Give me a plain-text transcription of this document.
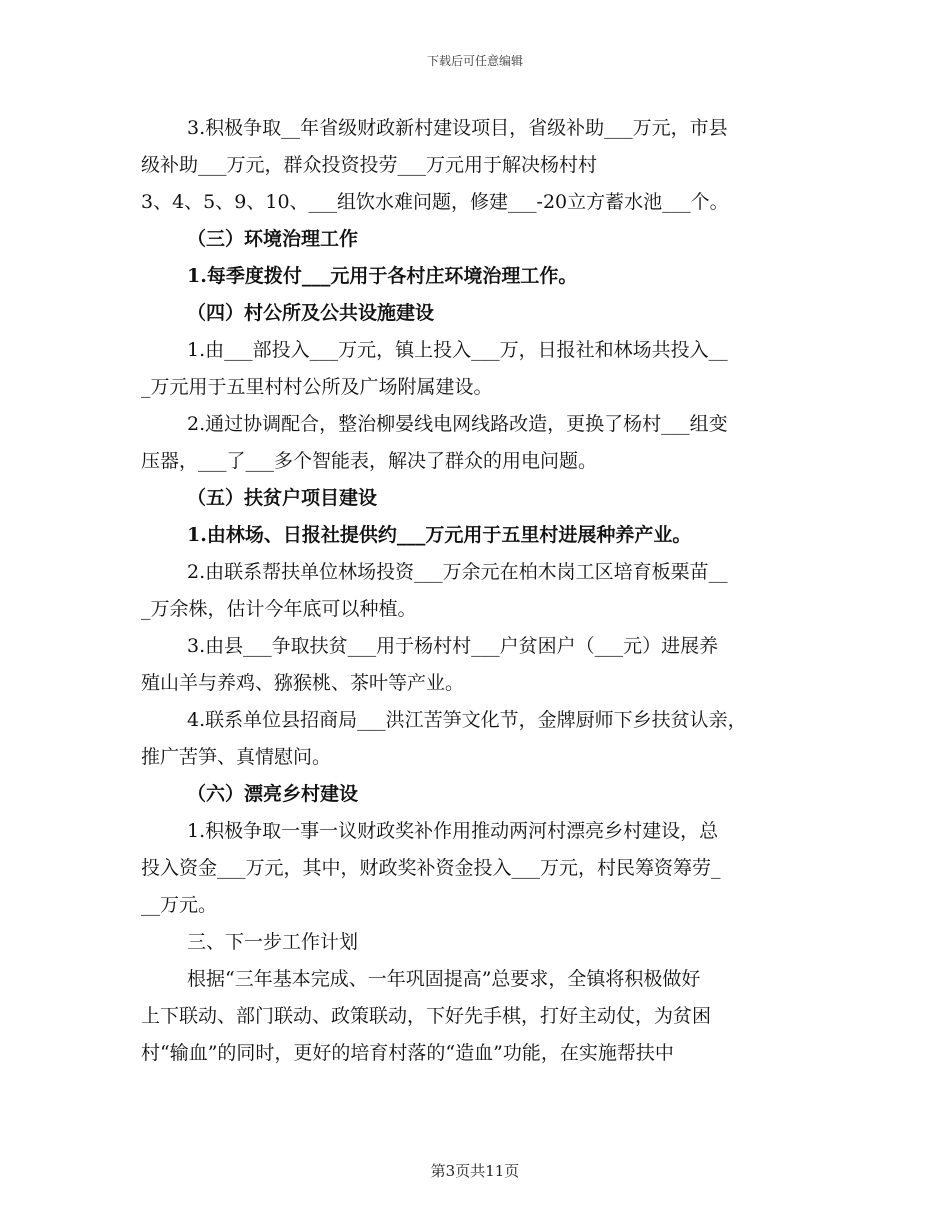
下载后可任意编辑
3.积极争取__年省级财政新村建设项目，省级补助___万元，市县
级补助___万元，群众投资投劳___万元用于解决杨村村
3、4、5、9、10、___组饮水难问题，修建___-20立方蓄水池___个。
（三）环境治理工作
1.每季度拨付___元用于各村庄环境治理工作。
（四）村公所及公共设施建设
1.由___部投入___万元，镇上投入___万，日报社和林场共投入__
_万元用于五里村村公所及广场附属建设。
2.通过协调配合，整治柳晏线电网线路改造，更换了杨村___组变
压器，___了___多个智能表，解决了群众的用电问题。
（五）扶贫户项目建设
1.由林场、日报社提供约___万元用于五里村进展种养产业。
2.由联系帮扶单位林场投资___万余元在柏木岗工区培育板栗苗__
_万余株，估计今年底可以种植。
3.由县___争取扶贫___用于杨村村___户贫困户（___元）进展养
殖山羊与养鸡、猕猴桃、茶叶等产业。
4.联系单位县招商局___洪江苦笋文化节，金牌厨师下乡扶贫认亲，
推广苦笋、真情慰问。
（六）漂亮乡村建设
1.积极争取一事一议财政奖补作用推动两河村漂亮乡村建设，总
投入资金___万元，其中，财政奖补资金投入___万元，村民筹资筹劳_
__万元。
三、下一步工作计划
根据“三年基本完成、一年巩固提高”总要求，全镇将积极做好
上下联动、部门联动、政策联动，下好先手棋，打好主动仗，为贫困
村“输血”的同时，更好的培育村落的“造血”功能，在实施帮扶中
第3页共11页
